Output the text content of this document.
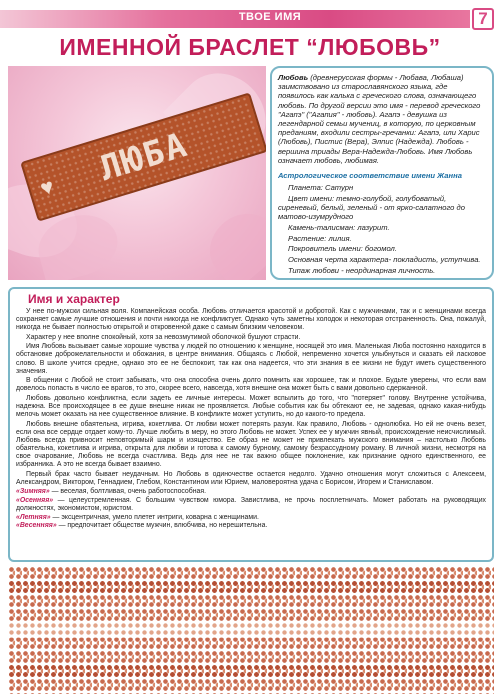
ТВОЕ ИМЯ	7
ИМЕННОЙ БРАСЛЕТ “ЛЮБОВЬ”
♥ ЛЮБА
Любовь (древнерусская формы - Любава, Любаша) заимствовано из старославянского языка, где появилось как калька с греческого слова, означающего любовь. По другой версии это имя - перевод греческого "Агапэ" ("Агапия" - любовь). Агапэ - девушка из легендарной семьи мучениц, в которую, по церковным преданиям, входили сестры-гречанки: Агапэ, или Харис (Любовь), Пистис (Вера), Элпис (Надежда). Любовь - вершина триады Вера-Надежда-Любовь. Имя Любовь означает любовь, любимая.
Астрологическое соответствие имени Жанна
Планета: Сатурн
Цвет имени: темно-голубой, голубоватый, сиреневый, белый, зеленый - от ярко-салатного до матово-изумрудного
Камень-талисман: лазурит.
Растение: лилия.
Покровитель имени: богомол.
Основная черта характера- покладисть, уступчива.
Типаж любови - неординарная личность.
Имя и характер

У нее по-мужски сильная воля. Компанейская особа. Любовь отличается красотой и добротой. Как с мужчинами, так и с женщинами всегда сохраняет самые лучшие отношения и почти никогда не конфликтует. Однако чуть заметны холодок и некоторая отстраненность. Она, пожалуй, никогда не бывает полностью открытой и откровенной даже с самым близким человеком.

Характер у нее вполне спокойный, хотя за невозмутимой оболочкой бушуют страсти.

Имя Любовь вызывает самые хорошие чувства у людей по отношению к женщине, носящей это имя. Маленькая Люба постоянно находится в обстановке доброжелательности и обожания, в центре внимания. Общаясь с Любой, непременно хочется улыбнуться и сказать ей ласковое слово. В школе учится средне, однако это ее не беспокоит, так как она надеется, что эти знания в ее жизни не будут иметь существенного значения.

В общении с Любой не стоит забывать, что она способна очень долго помнить как хорошее, так и плохое. Будьте уверены, что если вам довелось попасть в число ее врагов, то это, скорее всего, навсегда, хотя внешне она может быть с вами довольно сдержанной.

Любовь довольно конфликтна, если задеть ее личные интересы. Может вспылить до того, что "потеряет" голову. Внутренне устойчива, надежна. Все происходящее в ее душе внешне никак не проявляется. Любые события как бы обтекают ее, не задевая, однако какая-нибудь мелочь может оказать на нее существенное влияние. В конфликте может уступить, но до какого-то предела.

Любовь внешне обаятельна, игрива, кокетлива. От любви может потерять разум. Как правило, Любовь - однолюбка. Но ей не очень везет, если она все сердце отдает кому-то. Лучше любить в меру, но этого Любовь не может. Успех ее у мужчин явный, происхождение неисчислимый. Любовь всегда привносит неповторимый шарм и изящество. Ее образ не может не привлекать мужского внимания – настолько Любовь обаятельна, кокетлива и игрива, открыта для любви и готова к самому бурному, самому безрассудному роману. В личной жизни, несмотря на свое очарование, Любовь не всегда счастлива. Ведь для нее не так важно общее поклонение, как признание одного единственного, ее избранника. А это не всегда бывает взаимно.

Первый брак часто бывает неудачным. Но Любовь в одиночестве остается недолго. Удачно отношения могут сложиться с Алексеем, Александром, Виктором, Геннадием, Глебом, Константином или Юрием, маловероятна удача с Борисом, Игорем и Станиславом.

«Зимняя» — веселая, болтливая, очень работоспособная.

«Осенняя» — целеустремленная. С большим чувством юмора. Завистлива, не прочь посплетничать. Может работать на руководящих должностях, экономистом, юристом.

«Летняя» — эксцентричная, умело плетет интриги, коварна с женщинами.

«Весенняя» — предпочитает обществе мужчин, влюбчива, но нерешительна.
